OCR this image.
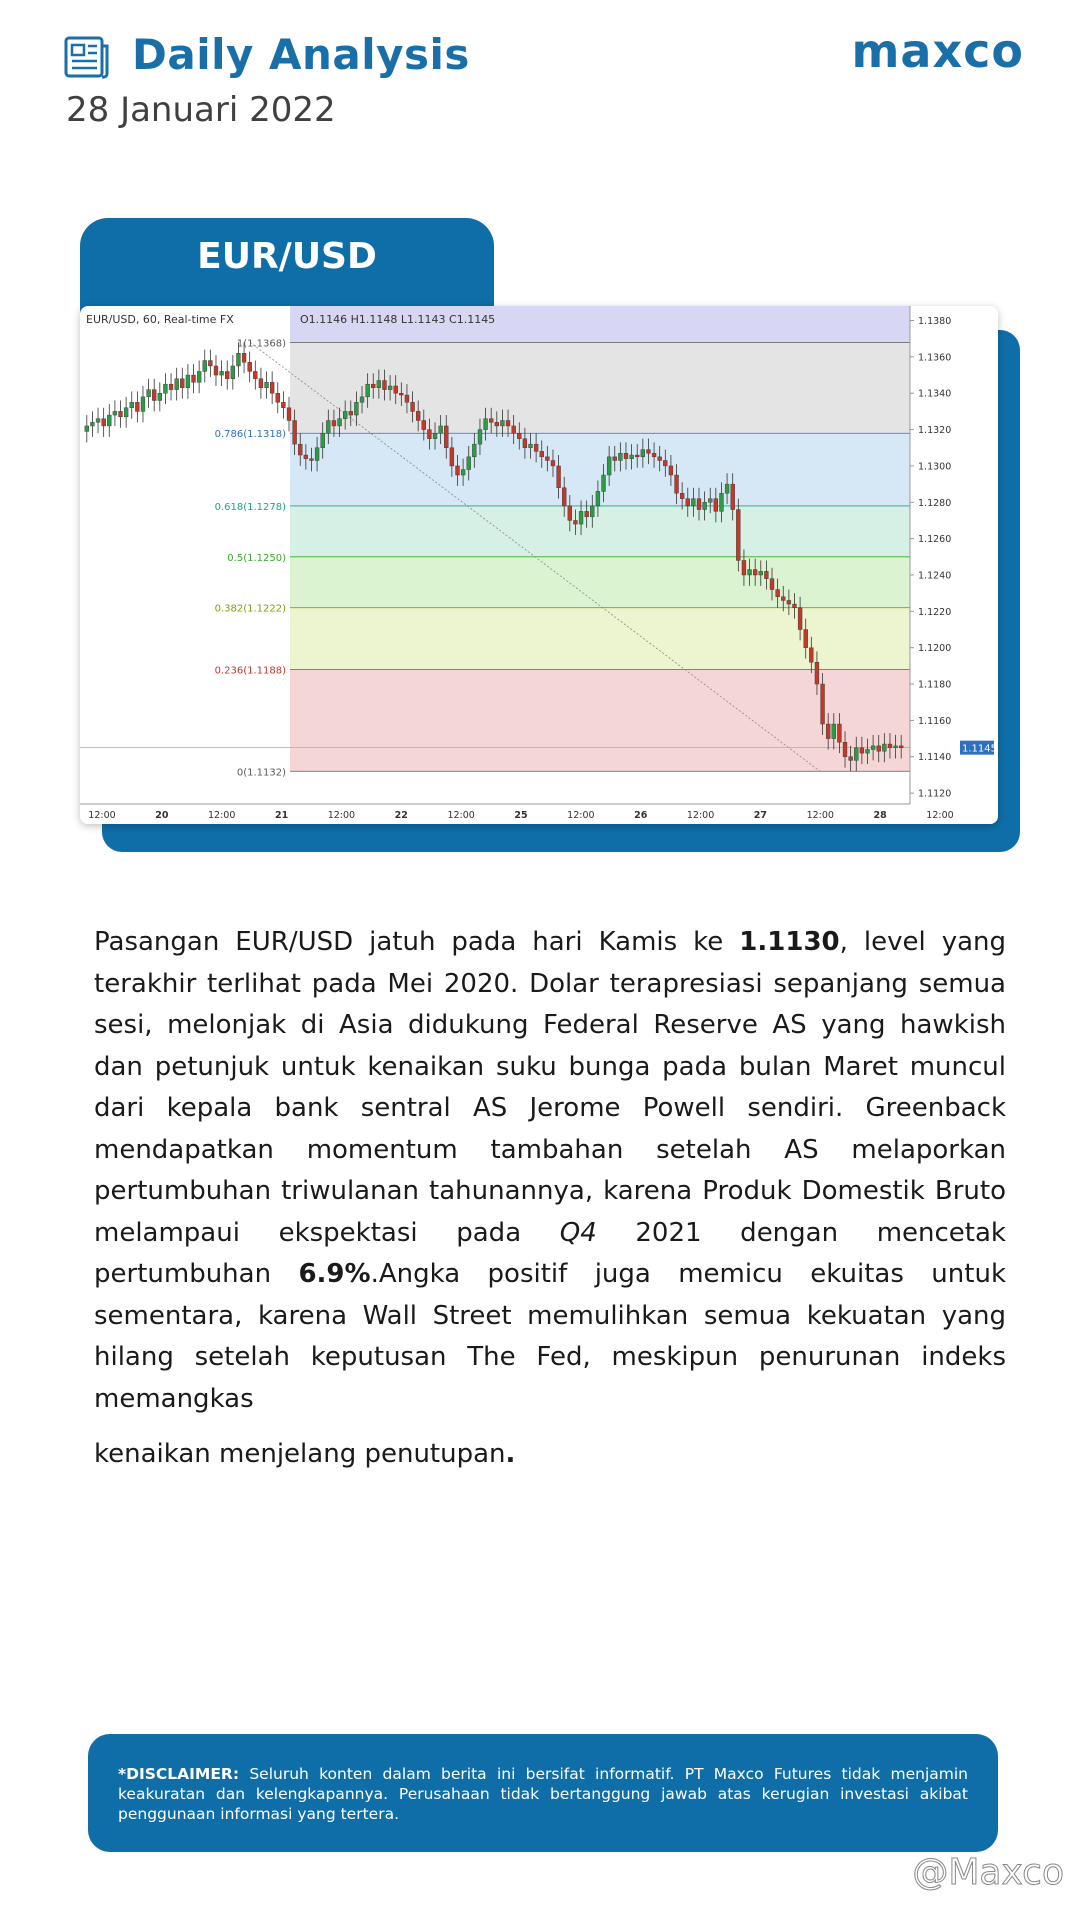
Daily Analysis
28 Januari 2022
maxco
EUR/USD
1(1.1368)
0.786(1.1318)
0.618(1.1278)
0.5(1.1250)
0.382(1.1222)
0.236(1.1188)
0(1.1132)
1.1380
1.1360
1.1340
1.1320
1.1300
1.1280
1.1260
1.1240
1.1220
1.1200
1.1180
1.1160
1.1140
1.1120
12:00	20	12:00	21	12:00	22	12:00	25	12:00	26	12:00	27	12:00	28	12:00
EUR/USD, 60, Real-time FX	O1.1146 H1.1148 L1.1143 C1.1145
1.1145
Pasangan EUR/USD jatuh pada hari Kamis ke 1.1130, level yang terakhir terlihat pada Mei 2020. Dolar terapresiasi sepanjang semua sesi, melonjak di Asia didukung Federal Reserve AS yang hawkish dan petunjuk untuk kenaikan suku bunga pada bulan Maret muncul dari kepala bank sentral AS Jerome Powell sendiri. Greenback mendapatkan momentum tambahan setelah AS melaporkan pertumbuhan triwulanan tahunannya, karena Produk Domestik Bruto melampaui ekspektasi pada Q4 2021 dengan mencetak pertumbuhan 6.9%.Angka positif juga memicu ekuitas untuk sementara, karena Wall Street memulihkan semua kekuatan yang hilang setelah keputusan The Fed, meskipun penurunan indeks memangkas
kenaikan menjelang penutupan.
*DISCLAIMER: Seluruh konten dalam berita ini bersifat informatif. PT Maxco Futures tidak menjamin keakuratan dan kelengkapannya. Perusahaan tidak bertanggung jawab atas kerugian investasi akibat penggunaan informasi yang tertera.
@Maxco
